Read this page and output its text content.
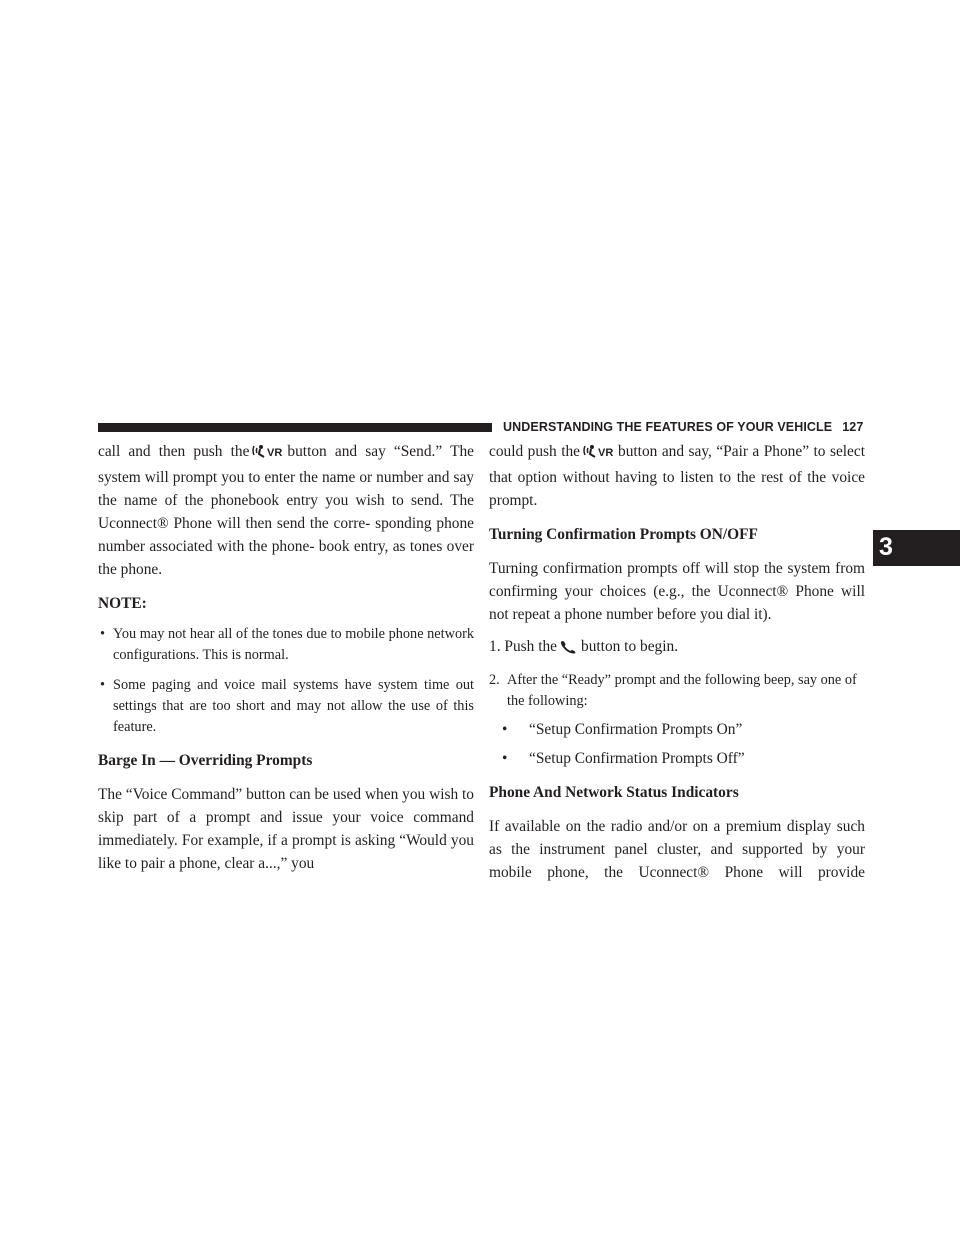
UNDERSTANDING THE FEATURES OF YOUR VEHICLE 127
3

call and then push the VR button and say “Send.” The system will prompt you to enter the name or number and say the name of the phonebook entry you wish to send. The Uconnect® Phone will then send the corre- sponding phone number associated with the phone- book entry, as tones over the phone.

NOTE:

• You may not hear all of the tones due to mobile phone network configurations. This is normal.
• Some paging and voice mail systems have system time out settings that are too short and may not allow the use of this feature.

Barge In — Overriding Prompts

The “Voice Command” button can be used when you wish to skip part of a prompt and issue your voice command immediately. For example, if a prompt is asking “Would you like to pair a phone, clear a...,” you

could push the VR button and say, “Pair a Phone” to select that option without having to listen to the rest of the voice prompt.

Turning Confirmation Prompts ON/OFF

Turning confirmation prompts off will stop the system from confirming your choices (e.g., the Uconnect® Phone will not repeat a phone number before you dial it).

1. Push the button to begin.
2. After the “Ready” prompt and the following beep, say one of the following:
• “Setup Confirmation Prompts On”
• “Setup Confirmation Prompts Off”

Phone And Network Status Indicators

If available on the radio and/or on a premium display such as the instrument panel cluster, and supported by your mobile phone, the Uconnect® Phone will provide
